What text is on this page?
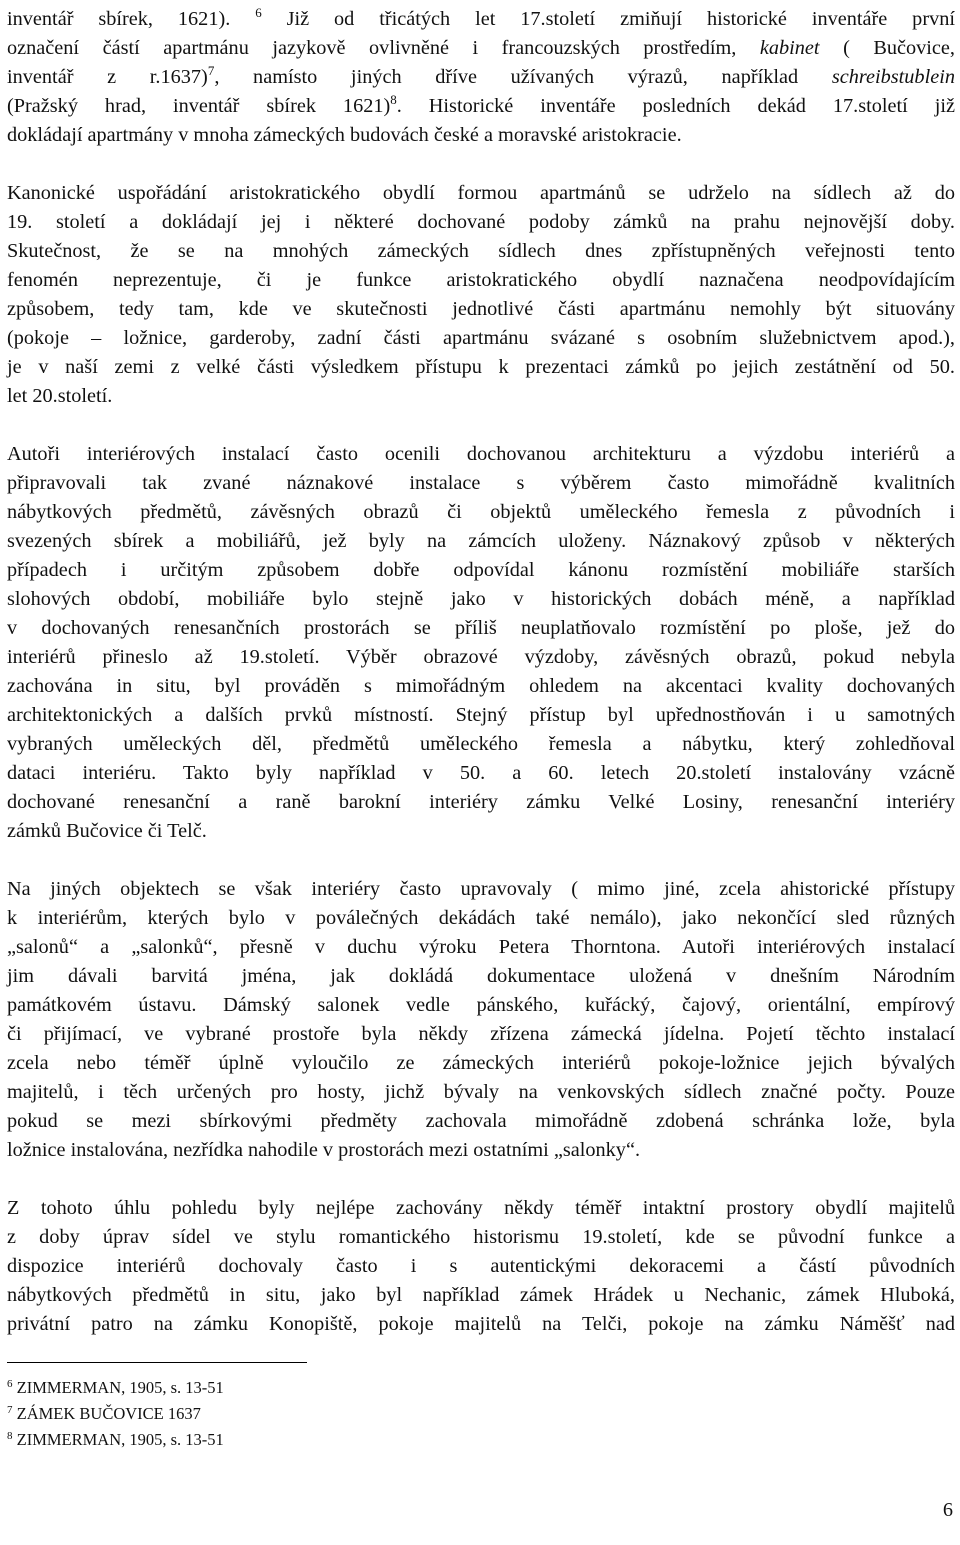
inventář sbírek, 1621). $^6$ Již od třicátých let 17.století zmiňují historické inventáře první
označení částí apartmánu jazykově ovlivněné i francouzských prostředím, kabinet ( Bučovice,
inventář z r.1637)$^7$, namísto jiných dříve užívaných výrazů, například schreibstublein
(Pražský hrad, inventář sbírek 1621)$^8$. Historické inventáře posledních dekád 17.století již
dokládají apartmány v mnoha zámeckých budovách české a moravské aristokracie.
Kanonické uspořádání aristokratického obydlí formou apartmánů se udrželo na sídlech až do
19. století a dokládají jej i některé dochované podoby zámků na prahu nejnovější doby.
Skutečnost, že se na mnohých zámeckých sídlech dnes zpřístupněných veřejnosti tento
fenomén neprezentuje, či je funkce aristokratického obydlí naznačena neodpovídajícím
způsobem, tedy tam, kde ve skutečnosti jednotlivé části apartmánu nemohly být situovány
(pokoje – ložnice, garderoby, zadní části apartmánu svázané s osobním služebnictvem apod.),
je v naší zemi z velké části výsledkem přístupu k prezentaci zámků po jejich zestátnění od 50.
let 20.století.
Autoři interiérových instalací často ocenili dochovanou architekturu a výzdobu interiérů a
připravovali tak zvané náznakové instalace s výběrem často mimořádně kvalitních
nábytkových předmětů, závěsných obrazů či objektů uměleckého řemesla z původních i
svezených sbírek a mobiliářů, jež byly na zámcích uloženy. Náznakový způsob v některých
případech i určitým způsobem dobře odpovídal kánonu rozmístění mobiliáře starších
slohových období, mobiliáře bylo stejně jako v historických dobách méně, a například
v dochovaných renesančních prostorách se příliš neuplatňovalo rozmístění po ploše, jež do
interiérů přineslo až 19.století. Výběr obrazové výzdoby, závěsných obrazů, pokud nebyla
zachována in situ, byl prováděn s mimořádným ohledem na akcentaci kvality dochovaných
architektonických a dalších prvků místností. Stejný přístup byl upřednostňován i u samotných
vybraných uměleckých děl, předmětů uměleckého řemesla a nábytku, který zohledňoval
dataci interiéru. Takto byly například v 50. a 60. letech 20.století instalovány vzácně
dochované renesanční a raně barokní interiéry zámku Velké Losiny, renesanční interiéry
zámků Bučovice či Telč.
Na jiných objektech se však interiéry často upravovaly ( mimo jiné, zcela ahistorické přístupy
k interiérům, kterých bylo v poválečných dekádách také nemálo), jako nekončící sled různých
„salonů“ a „salonků“, přesně v duchu výroku Petera Thorntona. Autoři interiérových instalací
jim dávali barvitá jména, jak dokládá dokumentace uložená v dnešním Národním
památkovém ústavu. Dámský salonek vedle pánského, kuřácký, čajový, orientální, empírový
či přijímací, ve vybrané prostoře byla někdy zřízena zámecká jídelna. Pojetí těchto instalací
zcela nebo téměř úplně vyloučilo ze zámeckých interiérů pokoje-ložnice jejich bývalých
majitelů, i těch určených pro hosty, jichž bývaly na venkovských sídlech značné počty. Pouze
pokud se mezi sbírkovými předměty zachovala mimořádně zdobená schránka lože, byla
ložnice instalována, nezřídka nahodile v prostorách mezi ostatními „salonky“.
Z tohoto úhlu pohledu byly nejlépe zachovány někdy téměř intaktní prostory obydlí majitelů
z doby úprav sídel ve stylu romantického historismu 19.století, kde se původní funkce a
dispozice interiérů dochovaly často i s autentickými dekoracemi a částí původních
nábytkových předmětů in situ, jako byl například zámek Hrádek u Nechanic, zámek Hluboká,
privátní patro na zámku Konopiště, pokoje majitelů na Telči, pokoje na zámku Náměšť nad
$^6$ ZIMMERMAN, 1905, s. 13-51
$^7$ ZÁMEK BUČOVICE 1637
$^8$ ZIMMERMAN, 1905, s. 13-51
6
